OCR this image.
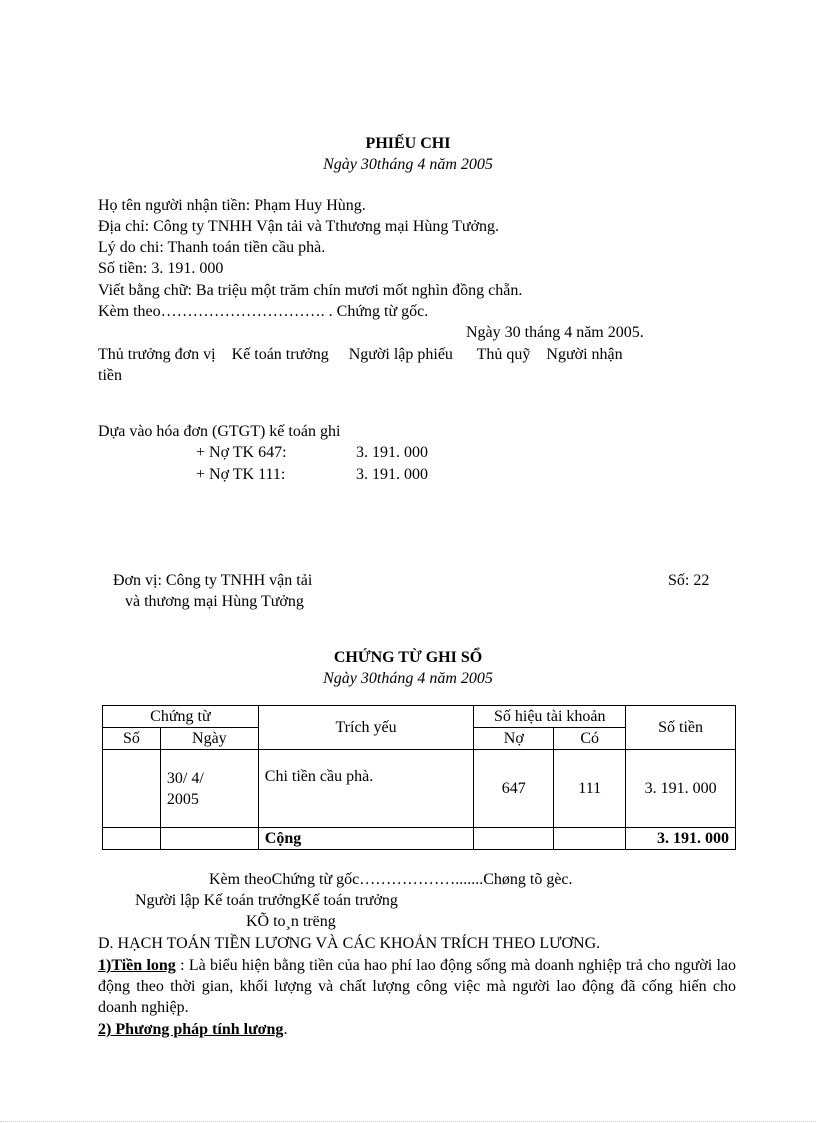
PHIẾU CHI
Ngày 30tháng 4 năm 2005
Họ tên người nhận tiền: Phạm Huy Hùng.
Địa chỉ: Công ty TNHH Vận tải và Tthương mại Hùng Tưởng.
Lý do chi: Thanh toán tiền cầu phà.
Số tiền: 3. 191. 000
Viết bằng chữ: Ba triệu một trăm chín mươi mốt nghìn đồng chẵn.
Kèm theo…………………………. . Chứng từ gốc.
Ngày 30 tháng 4 năm 2005.
Thủ trưởng đơn vị    Kế toán trưởng     Người lập phiếu      Thủ quỹ    Người nhận
tiền
Dựa vào hóa đơn (GTGT) kế toán ghi
+ Nợ TK 647:	3. 191. 000
+ Nợ TK 111:	3. 191. 000
Đơn vị: Công ty TNHH vận tải
và thương mại Hùng Tưởng
Số: 22
CHỨNG TỪ GHI SỔ
Ngày 30tháng 4 năm 2005
Chứng từ		Trích yếu	Số hiệu tài khoản		Số tiền
Số	Ngày		Nợ	Có	

	30/ 4/
2005	Chi tiền cầu phà.	647	111	3. 191. 000
		Cộng			3. 191. 000
Kèm theoChứng từ gốc……………….......Chøng tõ gèc.
Người lập Kế toán trưởngKế toán trưởng
KÕ to¸n trëng
D. HẠCH TOÁN TIỀN LƯƠNG VÀ CÁC KHOẢN TRÍCH THEO LƯƠNG.
1)Tiền long : Là biểu hiện bằng tiền của hao phí lao động sống mà doanh nghiệp trả cho người lao động theo thời gian, khối lượng và chất lượng công việc mà người lao động đã cống hiến cho doanh nghiệp.
2) Phương pháp tính lương.
